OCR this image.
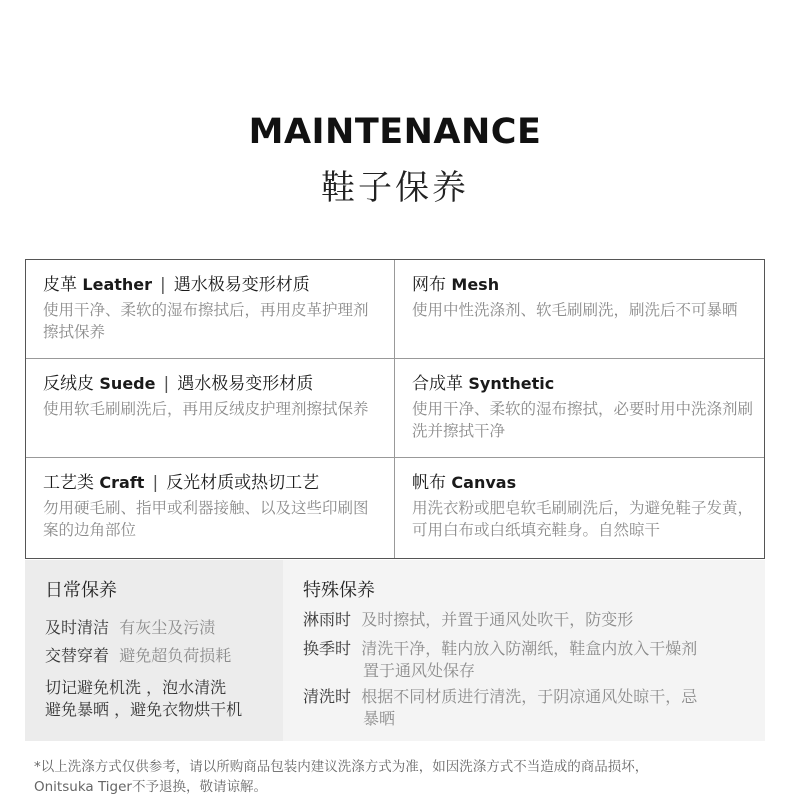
MAINTENANCE
鞋子保养
皮革 Leather | 遇水极易变形材质
使用干净、柔软的湿布擦拭后，再用皮革护理剂擦拭保养
网布 Mesh
使用中性洗涤剂、软毛刷刷洗，刷洗后不可暴晒
反绒皮 Suede | 遇水极易变形材质
使用软毛刷刷洗后，再用反绒皮护理剂擦拭保养
合成革 Synthetic
使用干净、柔软的湿布擦拭，必要时用中洗涤剂刷洗并擦拭干净
工艺类 Craft | 反光材质或热切工艺
勿用硬毛刷、指甲或利器接触、以及这些印刷图案的边角部位
帆布 Canvas
用洗衣粉或肥皂软毛刷刷洗后，为避免鞋子发黄，可用白布或白纸填充鞋身。自然晾干
日常保养
及时清洁 有灰尘及污渍
交替穿着 避免超负荷损耗
切记避免机洗 ，泡水清洗
避免暴晒 ，避免衣物烘干机
特殊保养
淋雨时 及时擦拭，并置于通风处吹干，防变形
换季时 清洗干净，鞋内放入防潮纸，鞋盒内放入干燥剂
置于通风处保存
清洗时 根据不同材质进行清洗，于阴凉通风处晾干，忌
暴晒
*以上洗涤方式仅供参考，请以所购商品包装内建议洗涤方式为准，如因洗涤方式不当造成的商品损坏，
Onitsuka Tiger不予退换，敬请谅解。
